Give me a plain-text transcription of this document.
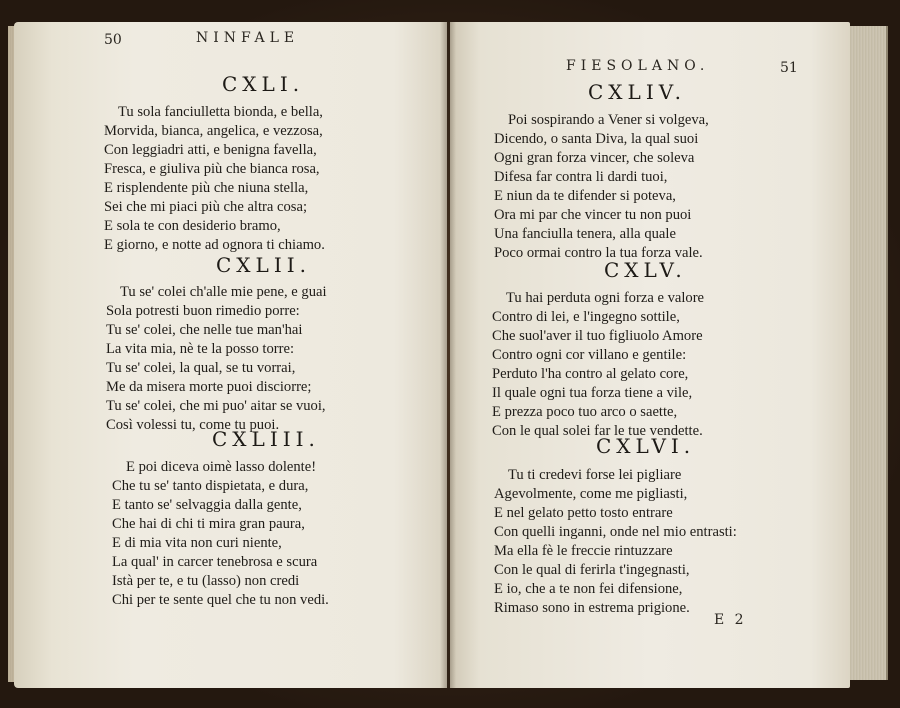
50	NINFALE
CXLI.
Tu sola fanciulletta bionda, e bella,
Morvida, bianca, angelica, e vezzosa,
Con leggiadri atti, e benigna favella,
Fresca, e giuliva più che bianca rosa,
E risplendente più che niuna stella,
Sei che mi piaci più che altra cosa;
E sola te con desiderio bramo,
E giorno, e notte ad ognora ti chiamo.
CXLII.
Tu se' colei ch'alle mie pene, e guai
Sola potresti buon rimedio porre:
Tu se' colei, che nelle tue man'hai
La vita mia, nè te la posso torre:
Tu se' colei, la qual, se tu vorrai,
Me da misera morte puoi disciorre;
Tu se' colei, che mi puo' aitar se vuoi,
Così volessi tu, come tu puoi.
CXLIII.
E poi diceva oimè lasso dolente!
Che tu se' tanto dispietata, e dura,
E tanto se' selvaggia dalla gente,
Che hai di chi ti mira gran paura,
E di mia vita non curi niente,
La qual' in carcer tenebrosa e scura
Istà per te, e tu (lasso) non credi
Chi per te sente quel che tu non vedi.
FIESOLANO.	51
CXLIV.
Poi sospirando a Vener si volgeva,
Dicendo, o santa Diva, la qual suoi
Ogni gran forza vincer, che soleva
Difesa far contra li dardi tuoi,
E niun da te difender si poteva,
Ora mi par che vincer tu non puoi
Una fanciulla tenera, alla quale
Poco ormai contro la tua forza vale.
CXLV.
Tu hai perduta ogni forza e valore
Contro di lei, e l'ingegno sottile,
Che suol'aver il tuo figliuolo Amore
Contro ogni cor villano e gentile:
Perduto l'ha contro al gelato core,
Il quale ogni tua forza tiene a vile,
E prezza poco tuo arco o saette,
Con le qual solei far le tue vendette.
CXLVI.
Tu ti credevi forse lei pigliare
Agevolmente, come me pigliasti,
E nel gelato petto tosto entrare
Con quelli inganni, onde nel mio entrasti:
Ma ella fè le freccie rintuzzare
Con le qual di ferirla t'ingegnasti,
E io, che a te non fei difensione,
Rimaso sono in estrema prigione.
E 2
